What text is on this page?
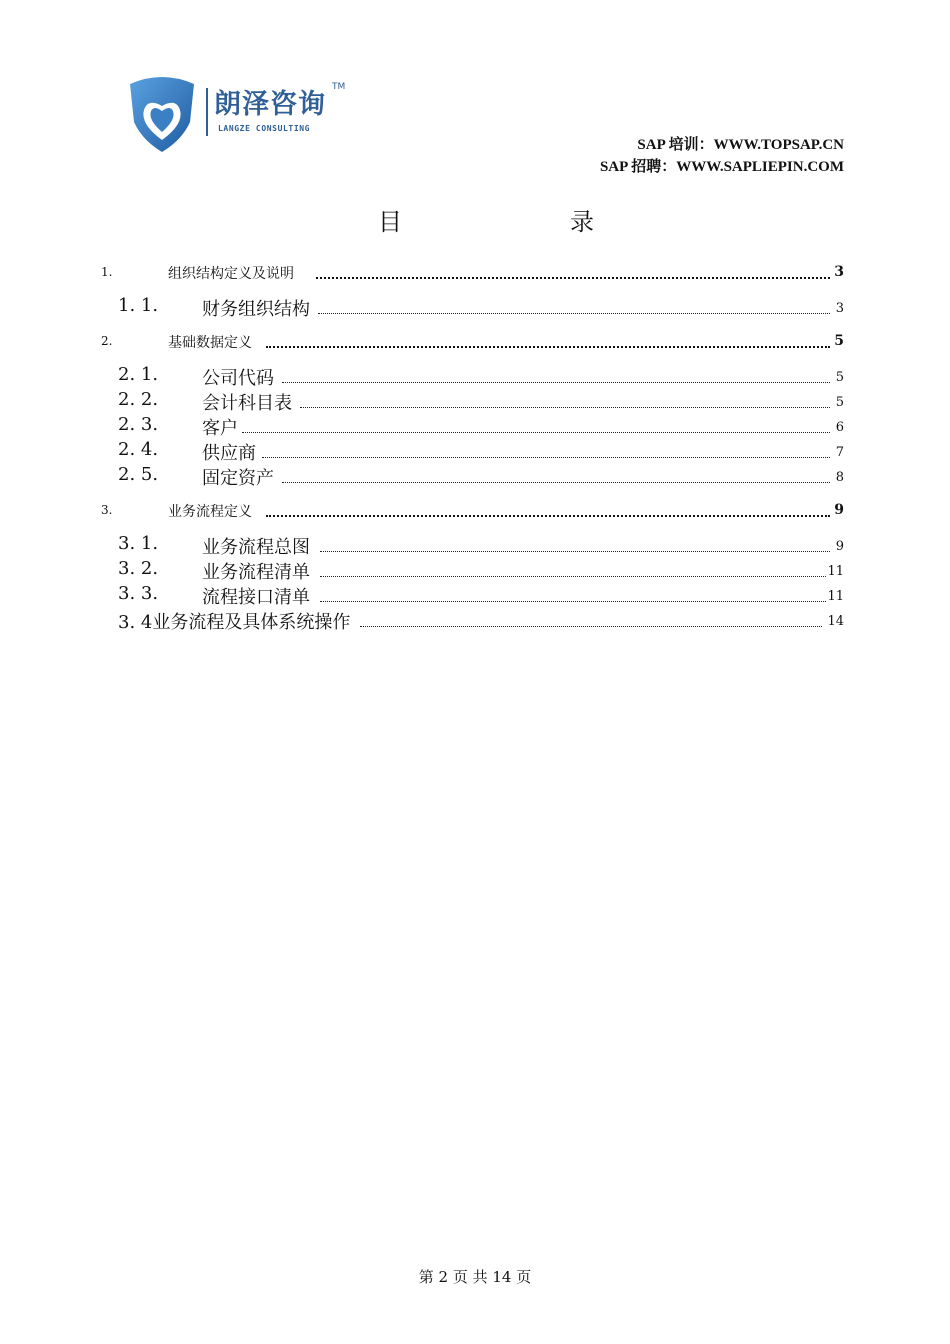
朗泽咨询
TM
LANGZE CONSULTING
SAP 培训：WWW.TOPSAP.CN
SAP 招聘：WWW.SAPLIEPIN.COM
目	录
1.	组织结构定义及说明	3
1. 1. 财务组织结构	3
2.	基础数据定义	5
2. 1. 公司代码	5
2. 2. 会计科目表	5
2. 3. 客户	6
2. 4. 供应商	7
2. 5. 固定资产	8
3.	业务流程定义	9
3. 1. 业务流程总图	9
3. 2. 业务流程清单	11
3. 3. 流程接口清单	11
3. 4业务流程及具体系统操作	14
第 2 页 共 14 页
